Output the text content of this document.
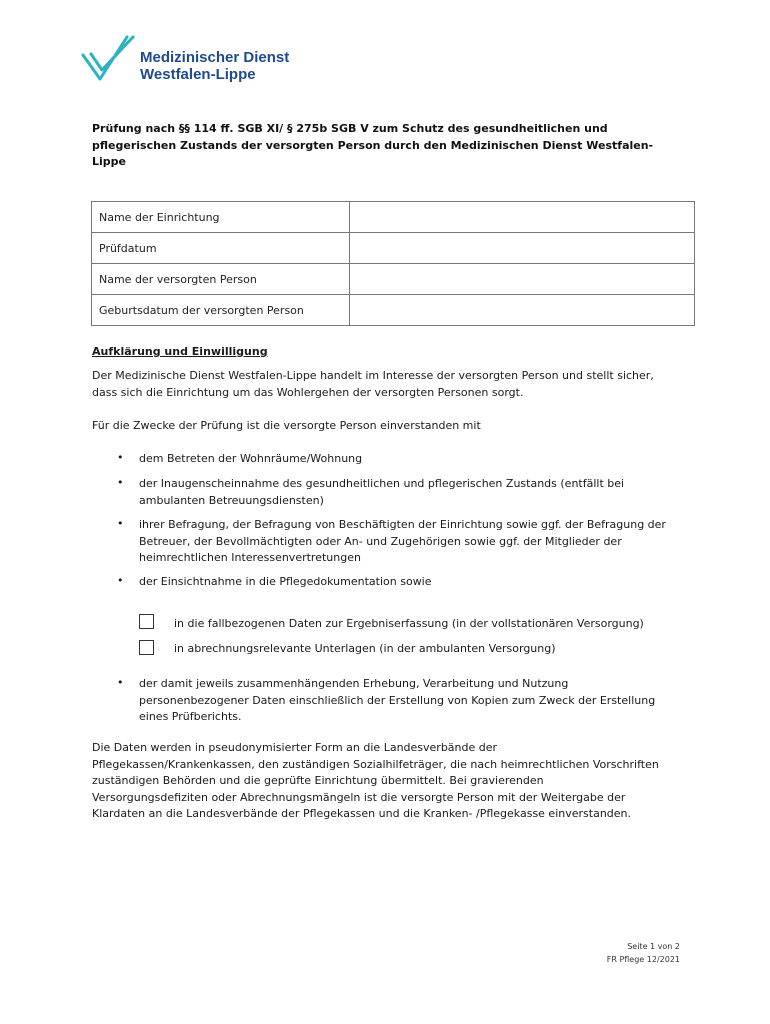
Medizinischer Dienst
Westfalen-Lippe
Prüfung nach §§ 114 ff. SGB XI/ § 275b SGB V zum Schutz des gesundheitlichen und pflegerischen Zustands der versorgten Person durch den Medizinischen Dienst Westfalen-Lippe
Name der Einrichtung	
Prüfdatum	
Name der versorgten Person	
Geburtsdatum der versorgten Person	
Aufklärung und Einwilligung
Der Medizinische Dienst Westfalen-Lippe handelt im Interesse der versorgten Person und stellt sicher, dass sich die Einrichtung um das Wohlergehen der versorgten Personen sorgt.
Für die Zwecke der Prüfung ist die versorgte Person einverstanden mit
•	dem Betreten der Wohnräume/Wohnung
•	der Inaugenscheinnahme des gesundheitlichen und pflegerischen Zustands (entfällt bei ambulanten Betreuungsdiensten)
•	ihrer Befragung, der Befragung von Beschäftigten der Einrichtung sowie ggf. der Befragung der Betreuer, der Bevollmächtigten oder An- und Zugehörigen sowie ggf. der Mitglieder der heimrechtlichen Interessenvertretungen
•	der Einsichtnahme in die Pflegedokumentation sowie
in die fallbezogenen Daten zur Ergebniserfassung (in der vollstationären Versorgung)
in abrechnungsrelevante Unterlagen (in der ambulanten Versorgung)
•	der damit jeweils zusammenhängenden Erhebung, Verarbeitung und Nutzung personenbezogener Daten einschließlich der Erstellung von Kopien zum Zweck der Erstellung eines Prüfberichts.
Die Daten werden in pseudonymisierter Form an die Landesverbände der Pflegekassen/Krankenkassen, den zuständigen Sozialhilfeträger, die nach heimrechtlichen Vorschriften zuständigen Behörden und die geprüfte Einrichtung übermittelt. Bei gravierenden Versorgungsdefiziten oder Abrechnungsmängeln ist die versorgte Person mit der Weitergabe der Klardaten an die Landesverbände der Pflegekassen und die Kranken- /Pflegekasse einverstanden.
Seite 1 von 2
FR Pflege 12/2021
